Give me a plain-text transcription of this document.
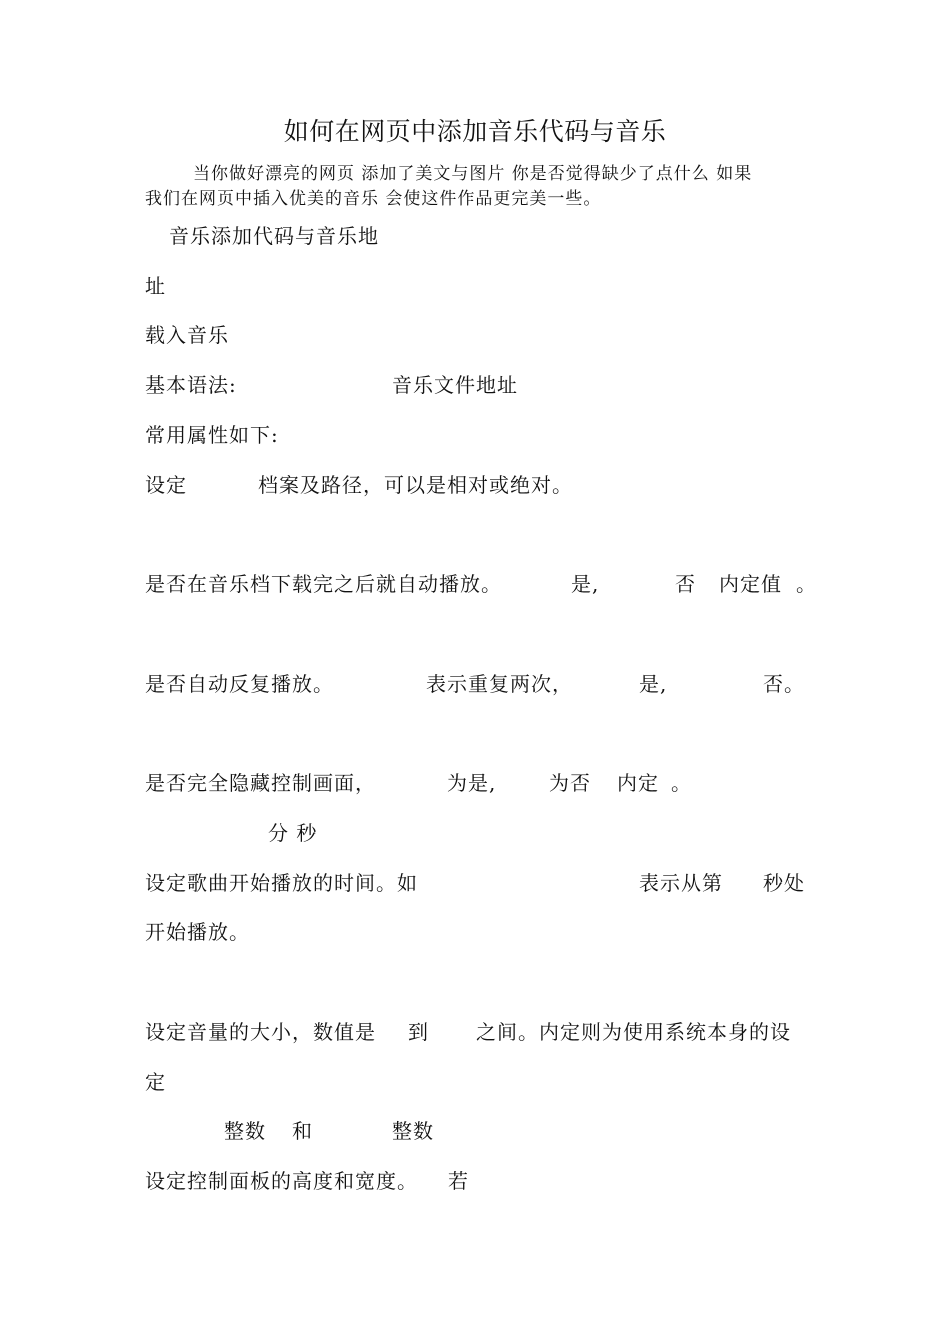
如何在网页中添加音乐代码与音乐
当你做好漂亮的网页 添加了美文与图片 你是否觉得缺少了点什么 如果
我们在网页中插入优美的音乐 会使这件作品更完美一些。
音乐添加代码与音乐地
址
载入音乐
基本语法:	音乐文件地址
常用属性如下:
设定	档案及路径，可以是相对或绝对。
是否在音乐档下载完之后就自动播放。	是,	否 内定值 。
是否自动反复播放。	表示重复两次，	是,	否。
是否完全隐藏控制画面，	为是,	为否 内定 。
分 秒
设定歌曲开始播放的时间。如	表示从第 秒处
开始播放。
设定音量的大小，数值是 到 之间。内定则为使用系统本身的设
定
整数 和	整数
设定控制面板的高度和宽度。 若
